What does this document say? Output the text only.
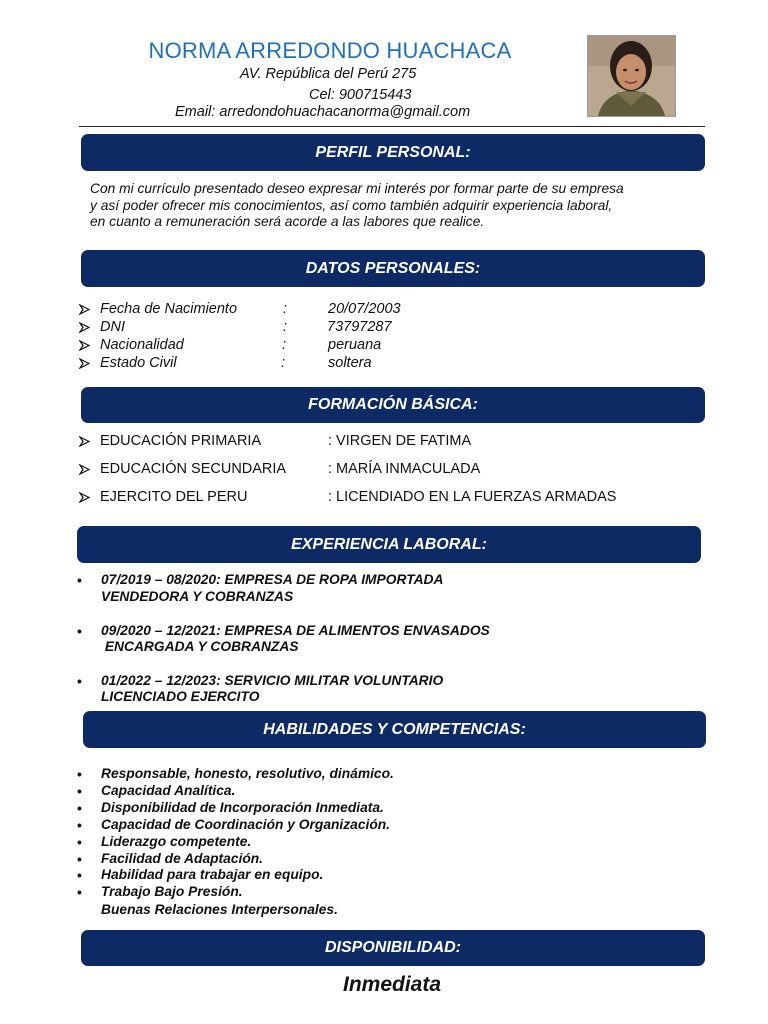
NORMA ARREDONDO HUACHACA
AV. República del Perú 275
Cel: 900715443
Email: arredondohuachacanorma@gmail.com
PERFIL PERSONAL:
Con mi currículo presentado deseo expresar mi interés por formar parte de su empresa
y así poder ofrecer mis conocimientos, así como también adquirir experiencia laboral,
en cuanto a remuneración será acorde a las labores que realice.
DATOS PERSONALES:
Fecha de Nacimiento	:	20/07/2003
DNI	:	73797287
Nacionalidad	:	peruana
Estado Civil	:	soltera
FORMACIÓN BÁSICA:
EDUCACIÓN PRIMARIA	: VIRGEN DE FATIMA
EDUCACIÓN SECUNDARIA	: MARÍA INMACULADA
EJERCITO DEL PERU	: LICENDIADO EN LA FUERZAS ARMADAS
EXPERIENCIA LABORAL:
• 07/2019 – 08/2020: EMPRESA DE ROPA IMPORTADA
VENDEDORA Y COBRANZAS
• 09/2020 – 12/2021: EMPRESA DE ALIMENTOS ENVASADOS
ENCARGADA Y COBRANZAS
• 01/2022 – 12/2023: SERVICIO MILITAR VOLUNTARIO
LICENCIADO EJERCITO
HABILIDADES Y COMPETENCIAS:
• Responsable, honesto, resolutivo, dinámico.
• Capacidad Analítica.
• Disponibilidad de Incorporación Inmediata.
• Capacidad de Coordinación y Organización.
• Liderazgo competente.
• Facilidad de Adaptación.
• Habilidad para trabajar en equipo.
• Trabajo Bajo Presión.
Buenas Relaciones Interpersonales.
DISPONIBILIDAD:
Inmediata
